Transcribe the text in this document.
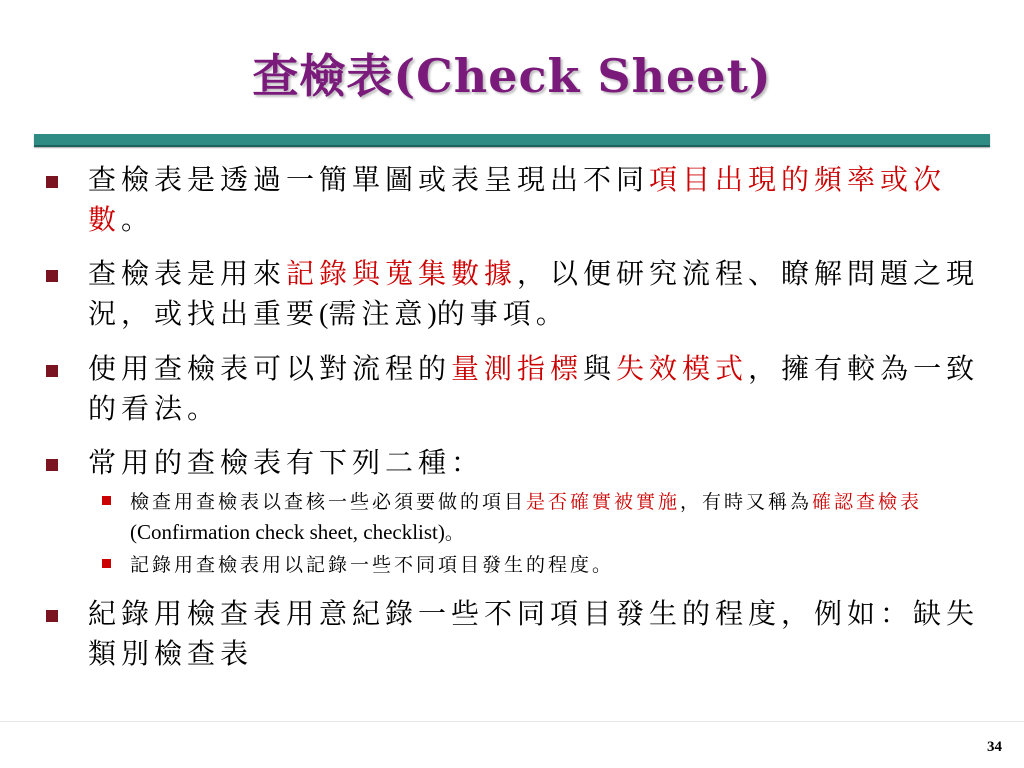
查檢表(Check Sheet)
查檢表是透過一簡單圖或表呈現出不同項目出現的頻率或次數。
查檢表是用來記錄與蒐集數據，以便研究流程、瞭解問題之現況，或找出重要(需注意)的事項。
使用查檢表可以對流程的量測指標與失效模式，擁有較為一致的看法。
常用的查檢表有下列二種：
檢查用查檢表以查核一些必須要做的項目是否確實被實施，有時又稱為確認查檢表(Confirmation check sheet, checklist)。
記錄用查檢表用以記錄一些不同項目發生的程度。
紀錄用檢查表用意紀錄一些不同項目發生的程度，例如：缺失類別檢查表
34
